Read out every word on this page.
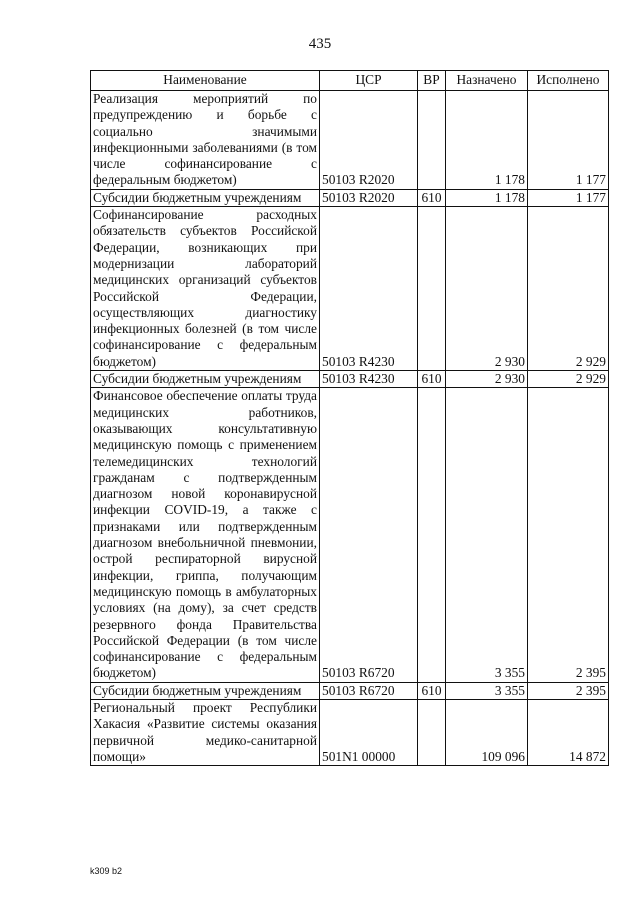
435
Наименование	ЦСР	ВР	Назначено	Исполнено
Реализация мероприятий по предупреждению и борьбе с социально значимыми инфекционными заболеваниями (в том числе софинансирование с федеральным бюджетом)	50103 R2020		1 178	1 177
Субсидии бюджетным учреждениям	50103 R2020	610	1 178	1 177
Софинансирование расходных обязательств субъектов Российской Федерации, возникающих при модернизации лабораторий медицинских организаций субъектов Российской Федерации, осуществляющих диагностику инфекционных болезней (в том числе софинансирование с федеральным бюджетом)	50103 R4230		2 930	2 929
Субсидии бюджетным учреждениям	50103 R4230	610	2 930	2 929
Финансовое обеспечение оплаты труда медицинских работников, оказывающих консультативную медицинскую помощь с применением телемедицинских технологий гражданам с подтвержденным диагнозом новой коронавирусной инфекции COVID-19, а также с признаками или подтвержденным диагнозом внебольничной пневмонии, острой респираторной вирусной инфекции, гриппа, получающим медицинскую помощь в амбулаторных условиях (на дому), за счет средств резервного фонда Правительства Российской Федерации (в том числе софинансирование с федеральным бюджетом)	50103 R6720		3 355	2 395
Субсидии бюджетным учреждениям	50103 R6720	610	3 355	2 395
Региональный проект Республики Хакасия «Развитие системы оказания первичной медико-санитарной помощи»	501N1 00000		109 096	14 872
k309 b2
